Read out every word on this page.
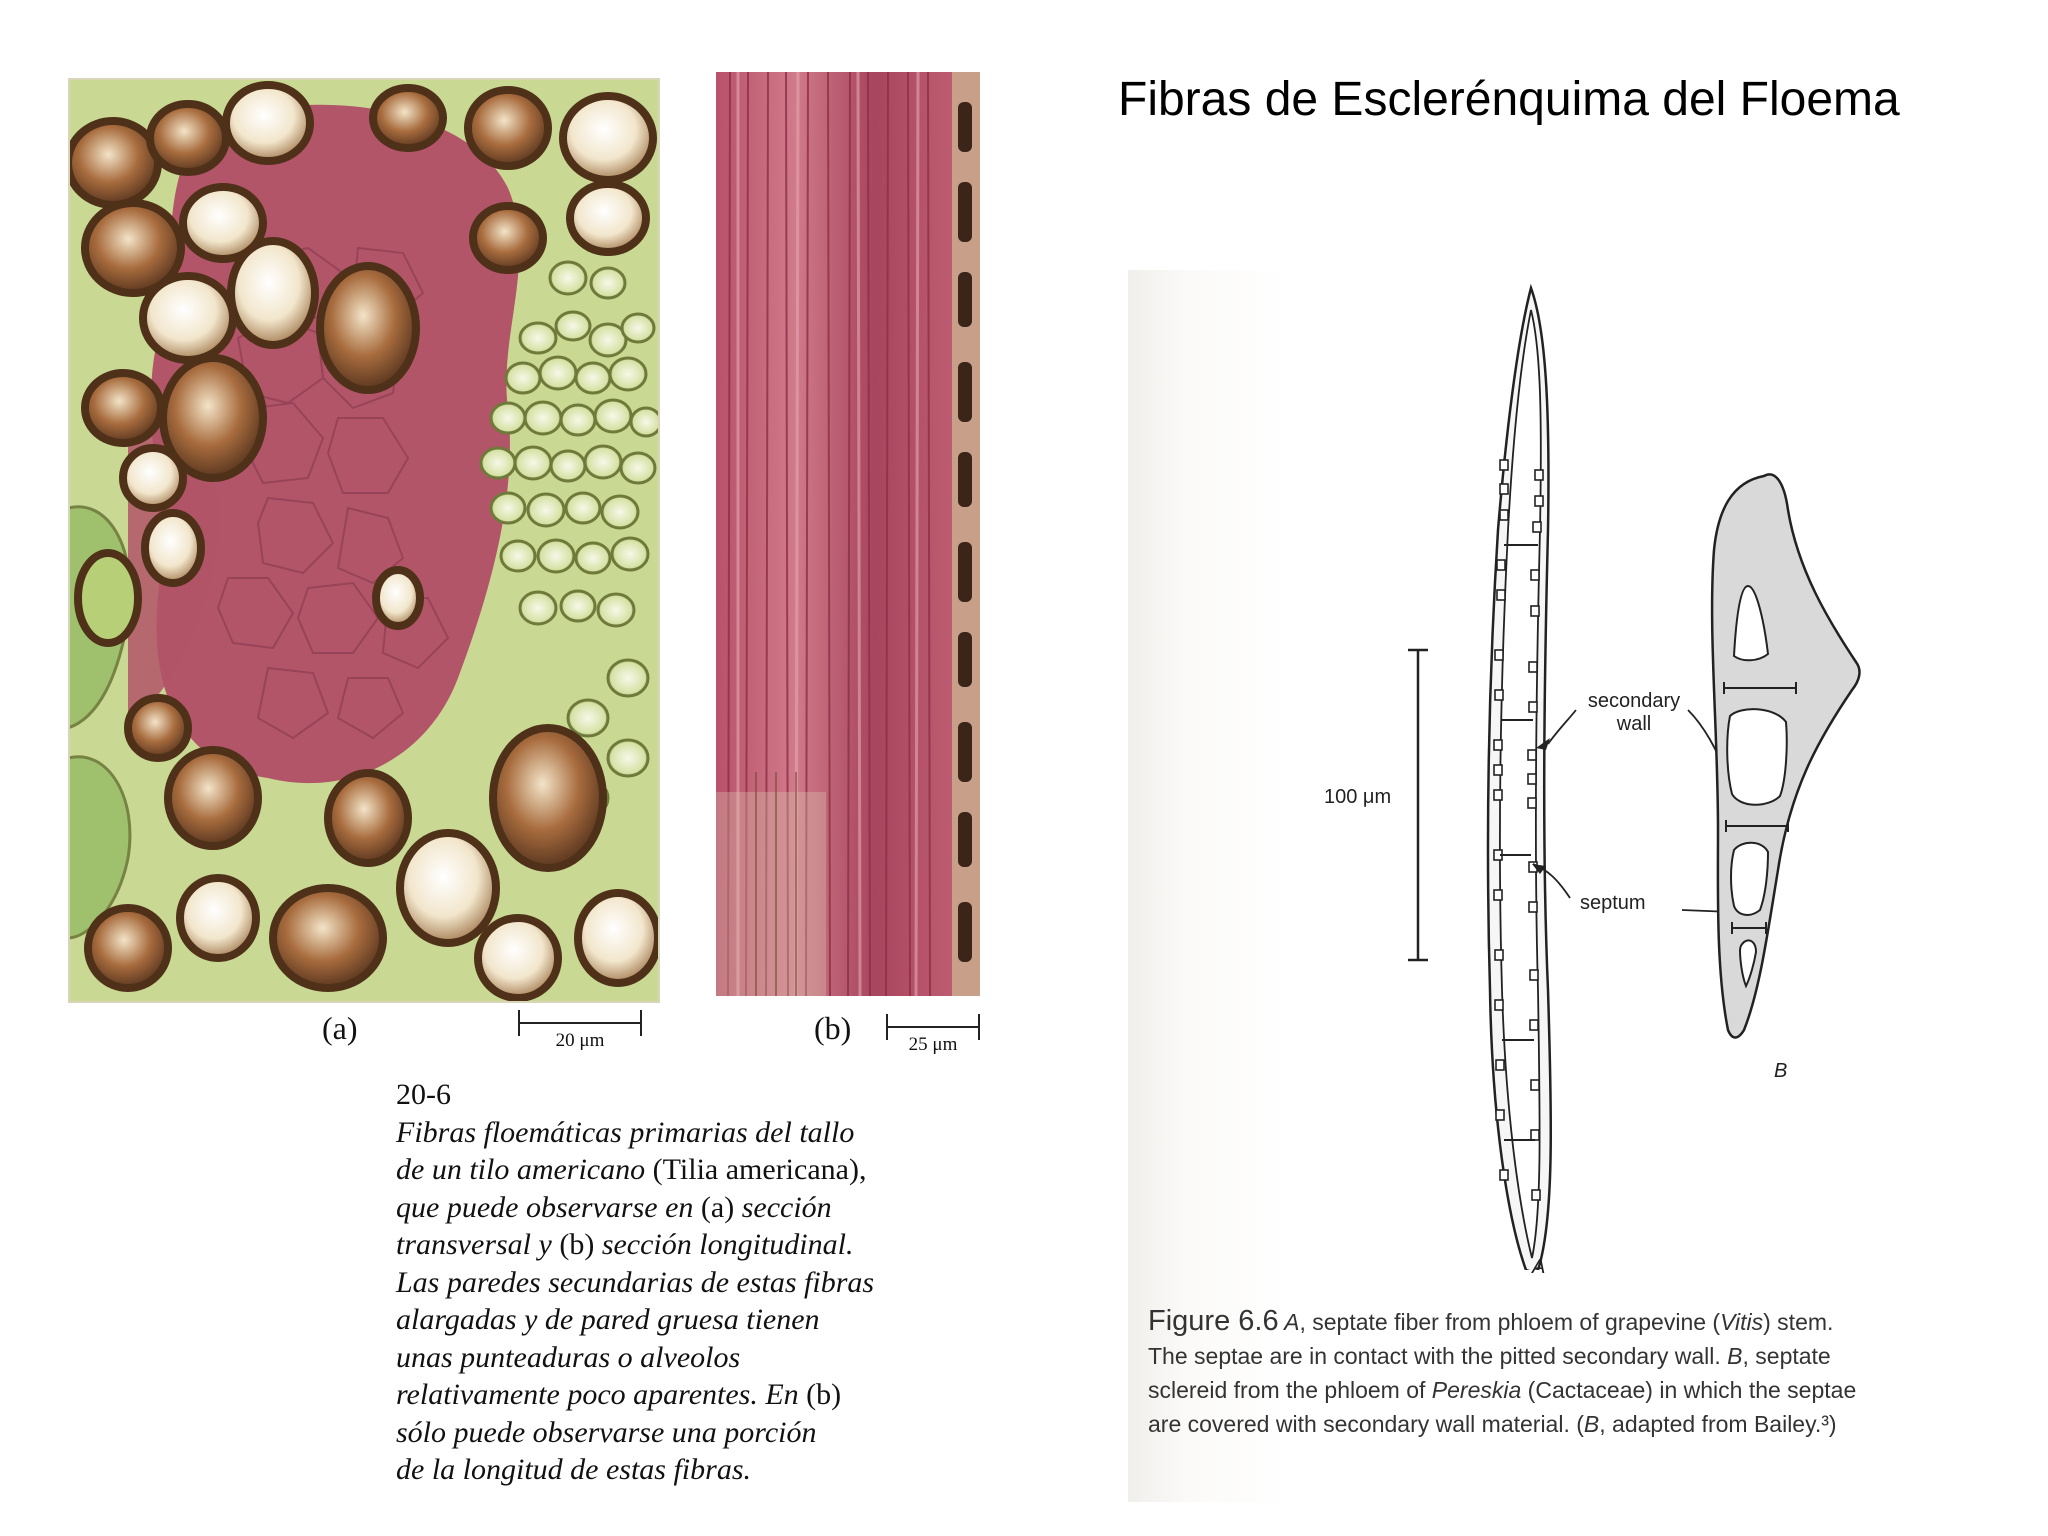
Fibras de Esclerénquima del Floema
(a)	20 μm	(b)	25 μm
20-6
Fibras floemáticas primarias del tallo
de un tilo americano (Tilia americana),
que puede observarse en (a) sección
transversal y (b) sección longitudinal.
Las paredes secundarias de estas fibras
alargadas y de pared gruesa tienen
unas punteaduras o alveolos
relativamente poco aparentes. En (b)
sólo puede observarse una porción
de la longitud de estas fibras.
100 μm
secondary
wall
septum
A
B
Figure 6.6 A, septate fiber from phloem of grapevine (Vitis) stem. The septae are in contact with the pitted secondary wall. B, septate sclereid from the phloem of Pereskia (Cactaceae) in which the septae are covered with secondary wall material. (B, adapted from Bailey.³)
